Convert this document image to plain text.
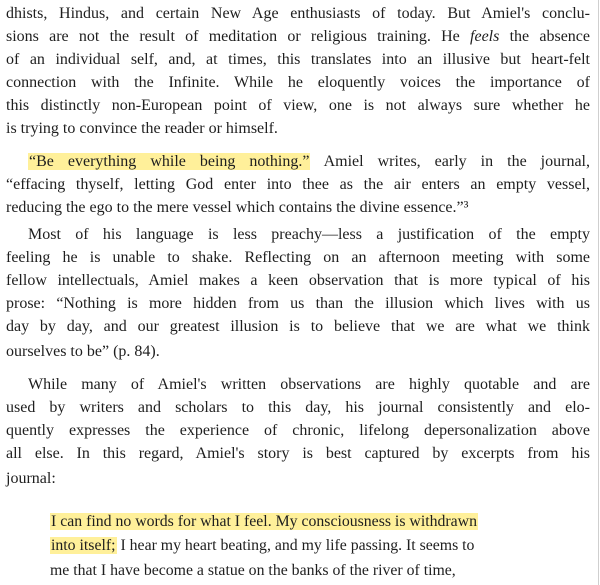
dhists, Hindus, and certain New Age enthusiasts of today. But Amiel's conclu-
sions are not the result of meditation or religious training. He feels the absence
of an individual self, and, at times, this translates into an illusive but heart-felt
connection with the Infinite. While he eloquently voices the importance of
this distinctly non-European point of view, one is not always sure whether he
is trying to convince the reader or himself.
“Be everything while being nothing.” Amiel writes, early in the journal,
“effacing thyself, letting God enter into thee as the air enters an empty vessel,
reducing the ego to the mere vessel which contains the divine essence.”³
Most of his language is less preachy—less a justification of the empty
feeling he is unable to shake. Reflecting on an afternoon meeting with some
fellow intellectuals, Amiel makes a keen observation that is more typical of his
prose: “Nothing is more hidden from us than the illusion which lives with us
day by day, and our greatest illusion is to believe that we are what we think
ourselves to be” (p. 84).
While many of Amiel's written observations are highly quotable and are
used by writers and scholars to this day, his journal consistently and elo-
quently expresses the experience of chronic, lifelong depersonalization above
all else. In this regard, Amiel's story is best captured by excerpts from his
journal:
I can find no words for what I feel. My consciousness is withdrawn
into itself; I hear my heart beating, and my life passing. It seems to
me that I have become a statue on the banks of the river of time,
